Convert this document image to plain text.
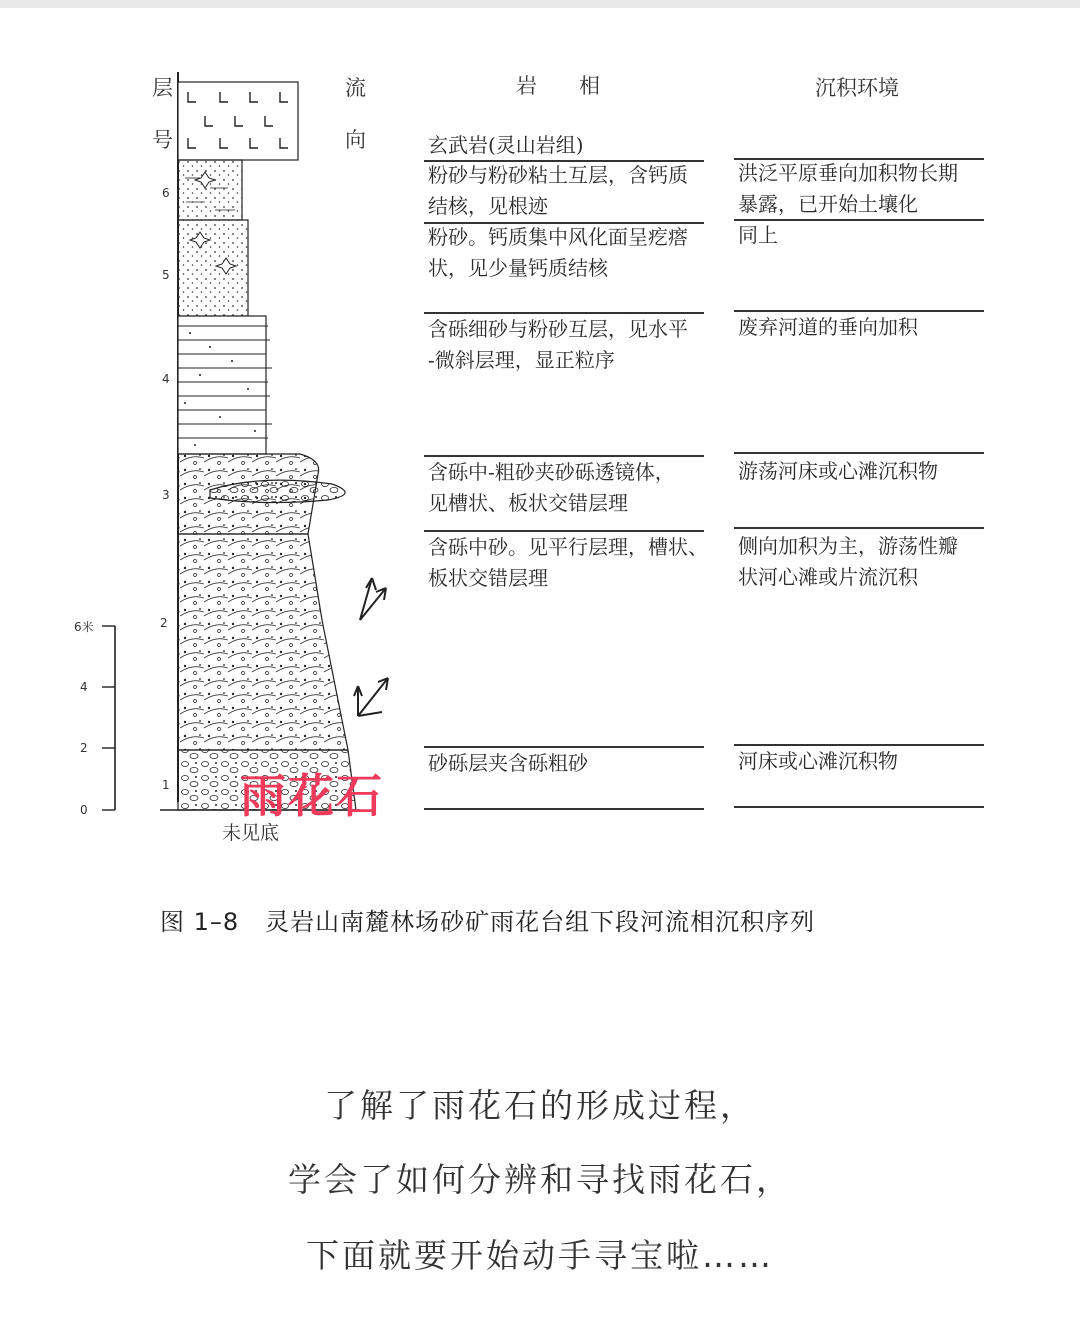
层
号
流
向
岩　　相	沉积环境
6
5
4
3
2
1
6米
4
2
0
未见底
雨花石
玄武岩(灵山岩组)
粉砂与粉砂粘土互层，含钙质
结核，见根迹
粉砂。钙质集中风化面呈疙瘩
状，见少量钙质结核
含砾细砂与粉砂互层，见水平
-微斜层理，显正粒序
含砾中-粗砂夹砂砾透镜体，
见槽状、板状交错层理
含砾中砂。见平行层理，槽状、
板状交错层理
砂砾层夹含砾粗砂
洪泛平原垂向加积物长期
暴露，已开始土壤化
同上
废弃河道的垂向加积
游荡河床或心滩沉积物
侧向加积为主，游荡性瓣
状河心滩或片流沉积
河床或心滩沉积物
图 1–8 灵岩山南麓林场砂矿雨花台组下段河流相沉积序列
了解了雨花石的形成过程，
学会了如何分辨和寻找雨花石，
下面就要开始动手寻宝啦……
